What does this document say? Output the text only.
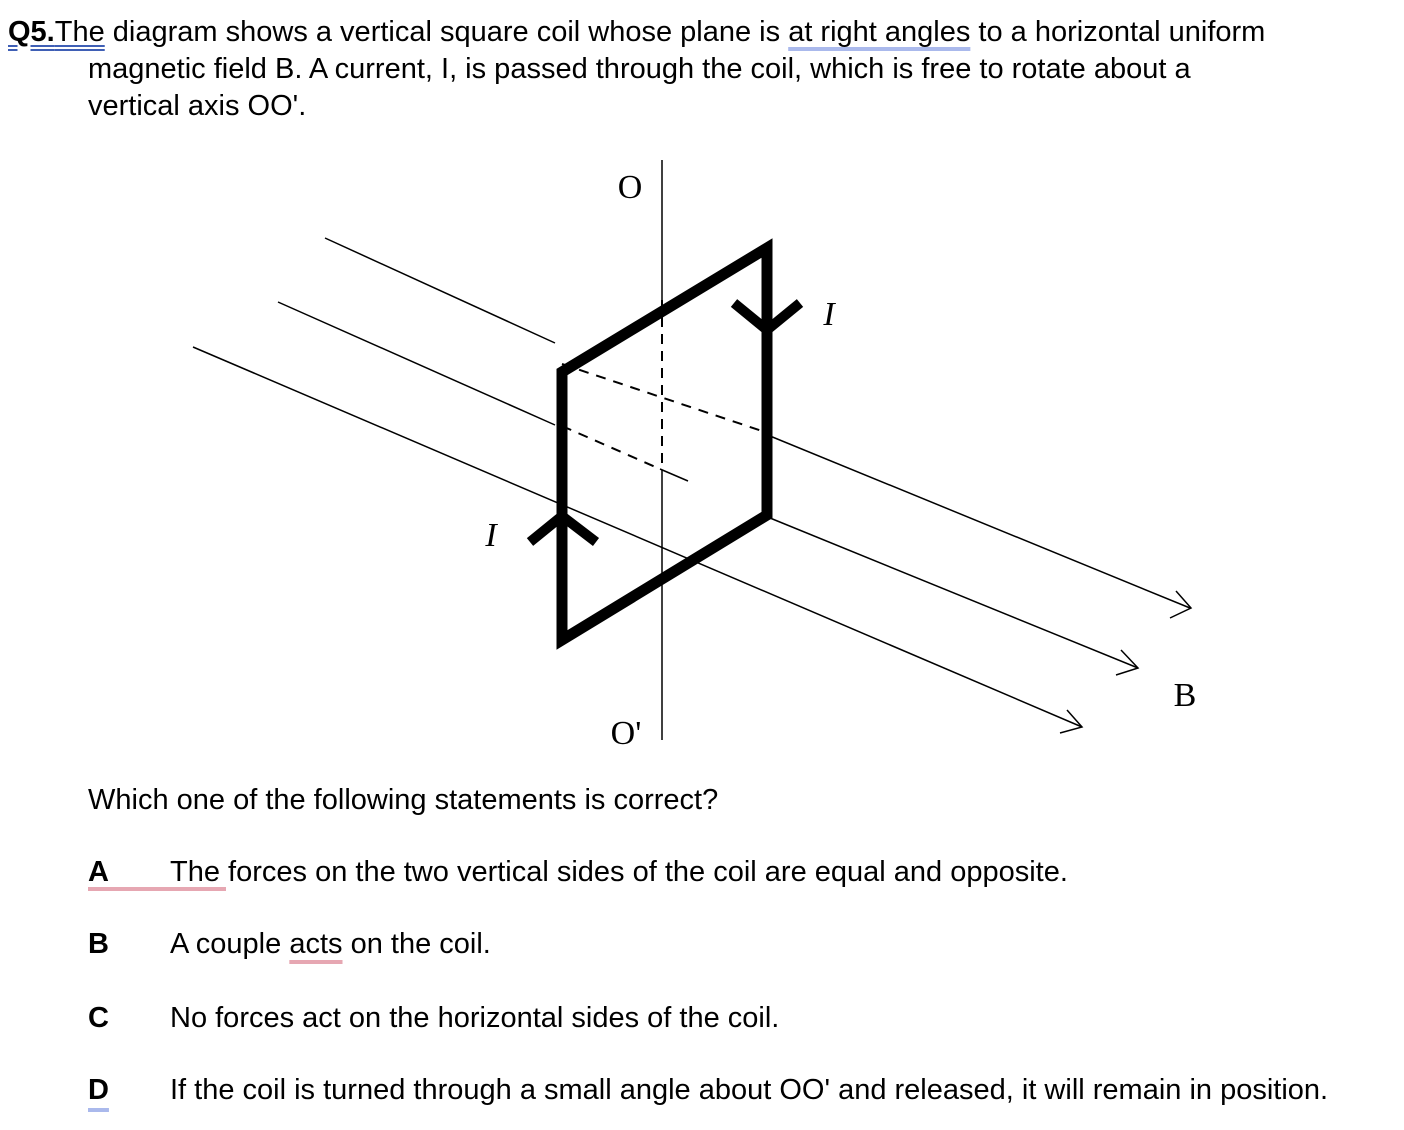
Q5.The diagram shows a vertical square coil whose plane is at right angles to a horizontal uniform
magnetic field B. A current, I, is passed through the coil, which is free to rotate about a
vertical axis OO'.
O
O'
I
I
B
Which one of the following statements is correct?
A	The forces on the two vertical sides of the coil are equal and opposite.
B	A couple acts on the coil.
C	No forces act on the horizontal sides of the coil.
D	If the coil is turned through a small angle about OO' and released, it will remain in position.
